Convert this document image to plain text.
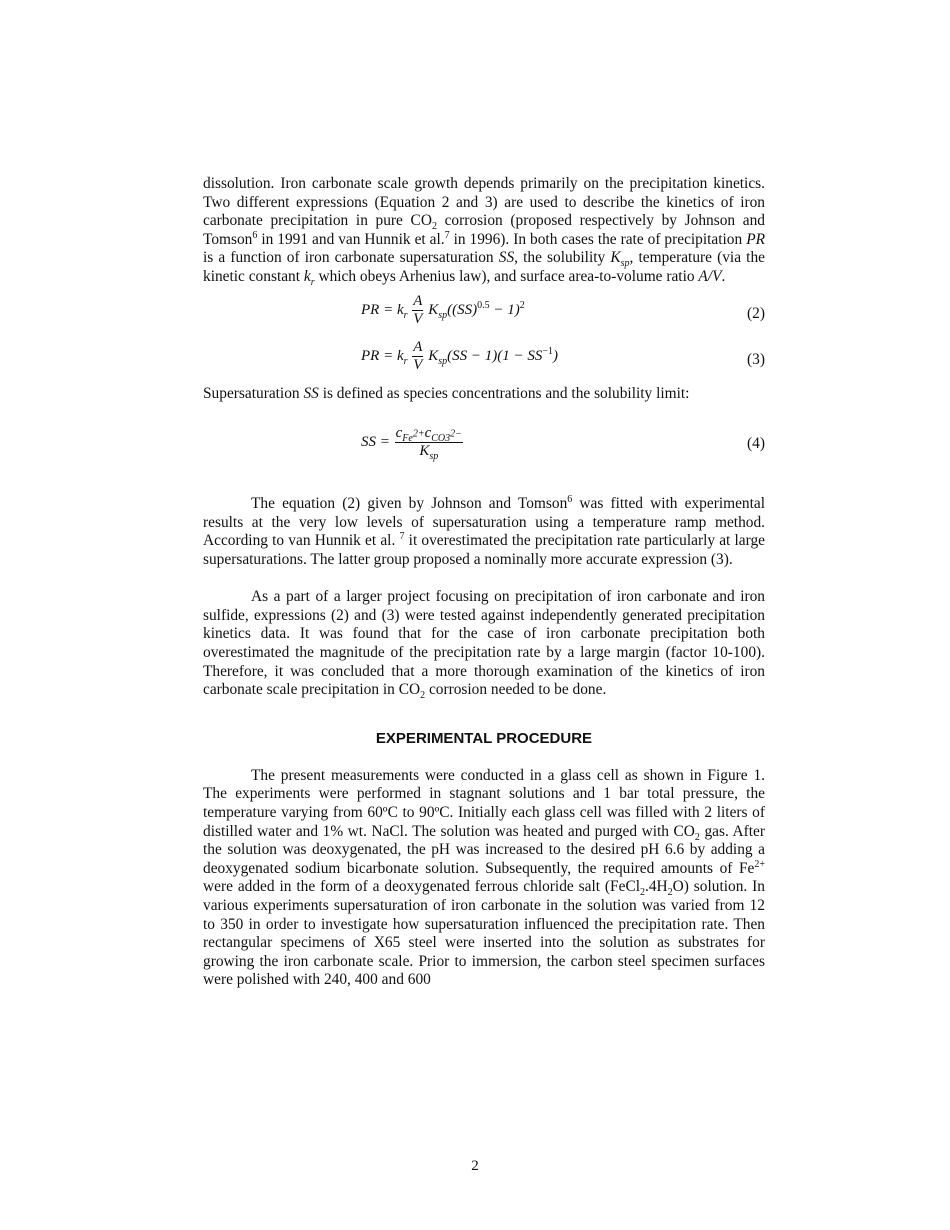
dissolution. Iron carbonate scale growth depends primarily on the precipitation kinetics. Two different expressions (Equation 2 and 3) are used to describe the kinetics of iron carbonate precipitation in pure $CO_2$ corrosion (proposed respectively by Johnson and Tomson$^6$ in 1991 and van Hunnik et al.$^7$ in 1996). In both cases the rate of precipitation PR is a function of iron carbonate supersaturation SS, the solubility $K_{sp}$, temperature (via the kinetic constant $k_r$ which obeys Arhenius law), and surface area-to-volume ratio A/V.

PR = $k_r \frac{A}{V} K_{sp}((SS)^{0.5} - 1)^2$	(2)
PR = $k_r \frac{A}{V} K_{sp}(SS - 1)(1 - SS^{-1})$	(3)

Supersaturation SS is defined as species concentrations and the solubility limit:

SS = $\frac{c_{Fe^{2+}}c_{CO3^{2-}}}{K_{sp}}$	(4)

The equation (2) given by Johnson and Tomson$^6$ was fitted with experimental results at the very low levels of supersaturation using a temperature ramp method. According to van Hunnik et al. $^7$ it overestimated the precipitation rate particularly at large supersaturations. The latter group proposed a nominally more accurate expression (3).

As a part of a larger project focusing on precipitation of iron carbonate and iron sulfide, expressions (2) and (3) were tested against independently generated precipitation kinetics data. It was found that for the case of iron carbonate precipitation both overestimated the magnitude of the precipitation rate by a large margin (factor 10-100). Therefore, it was concluded that a more thorough examination of the kinetics of iron carbonate scale precipitation in $CO_2$ corrosion needed to be done.

EXPERIMENTAL PROCEDURE

The present measurements were conducted in a glass cell as shown in Figure 1. The experiments were performed in stagnant solutions and 1 bar total pressure, the temperature varying from 60ºC to 90ºC. Initially each glass cell was filled with 2 liters of distilled water and 1% wt. NaCl. The solution was heated and purged with $CO_2$ gas. After the solution was deoxygenated, the pH was increased to the desired pH 6.6 by adding a deoxygenated sodium bicarbonate solution. Subsequently, the required amounts of $Fe^{2+}$ were added in the form of a deoxygenated ferrous chloride salt $(FeCl_2.4H_2O)$ solution. In various experiments supersaturation of iron carbonate in the solution was varied from 12 to 350 in order to investigate how supersaturation influenced the precipitation rate. Then rectangular specimens of X65 steel were inserted into the solution as substrates for growing the iron carbonate scale. Prior to immersion, the carbon steel specimen surfaces were polished with 240, 400 and 600

2
